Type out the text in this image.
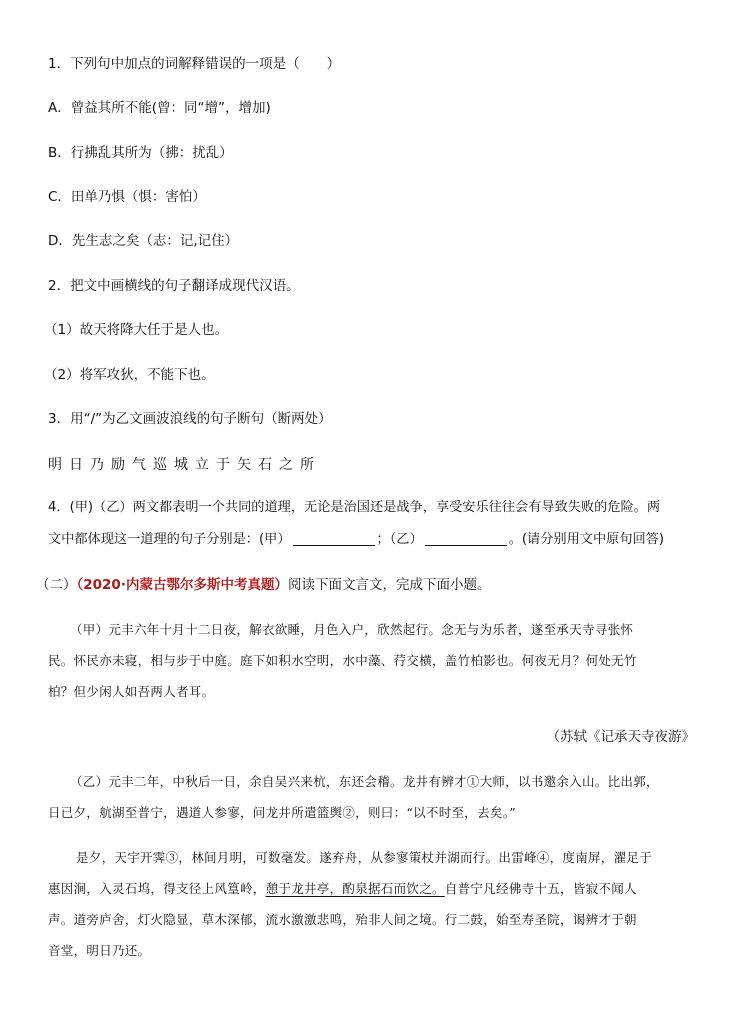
1．下列句中加点的词解释错误的一项是（　　）
A．曾益其所不能(曾：同“增”，增加)
B．行拂乱其所为（拂：扰乱）
C．田单乃惧（惧：害怕）
D．先生志之矣（志：记,记住）
2．把文中画横线的句子翻译成现代汉语。
（1）故天将降大任于是人也。
（2）将军攻狄，不能下也。
3．用“/”为乙文画波浪线的句子断句（断两处）
明日乃励气巡城立于矢石之所
4．(甲)（乙）两文都表明一个共同的道理，无论是治国还是战争，享受安乐往往会有导致失败的危险。两
文中都体现这一道理的句子分别是：(甲）	；（乙）	。(请分别用文中原句回答)
（二）（2020·内蒙古鄂尔多斯中考真题）阅读下面文言文，完成下面小题。
（甲）元丰六年十月十二日夜，解衣欲睡，月色入户，欣然起行。念无与为乐者，遂至承天寺寻张怀
民。怀民亦未寝，相与步于中庭。庭下如积水空明，水中藻、荇交横，盖竹柏影也。何夜无月？何处无竹
柏？但少闲人如吾两人者耳。
（苏轼《记承天寺夜游》
（乙）元丰二年，中秋后一日，余自吴兴来杭，东还会稽。龙井有辨才①大师，以书邀余入山。比出郭，
日已夕，航湖至普宁，遇道人参寥，问龙井所遣篮舆②，则曰：“以不时至，去矣。”
是夕，天宇开霁③，林间月明，可数毫发。遂弃舟，从参寥策杖并湖而行。出雷峰④，度南屏，濯足于
惠因涧，入灵石坞，得支径上风篁岭，憩于龙井亭，酌泉据石而饮之。自普宁凡经佛寺十五，皆寂不闻人
声。道旁庐舍，灯火隐显，草木深郁，流水激激悲鸣，殆非人间之境。行二鼓，始至寿圣院，谒辨才于朝
音堂，明日乃还。
